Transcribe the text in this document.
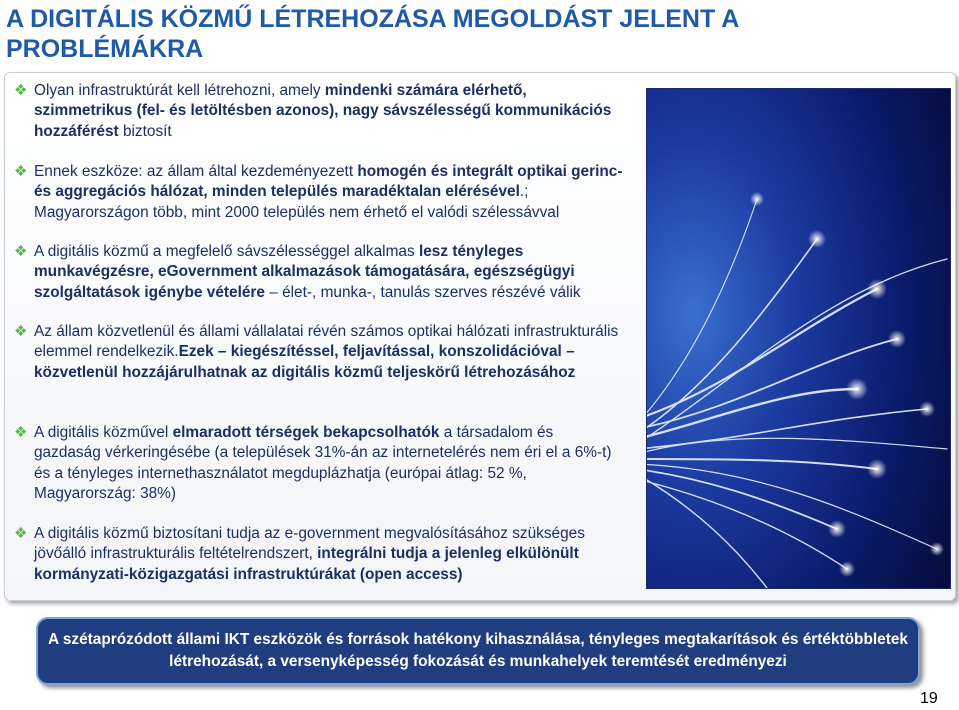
A DIGITÁLIS KÖZMŰ LÉTREHOZÁSA MEGOLDÁST JELENT A PROBLÉMÁKRA
❖ Olyan infrastruktúrát kell létrehozni, amely mindenki számára elérhető, szimmetrikus (fel- és letöltésben azonos), nagy sávszélességű kommunikációs hozzáférést biztosít
❖ Ennek eszköze: az állam által kezdeményezett homogén és integrált optikai gerinc- és aggregációs hálózat, minden település maradéktalan elérésével.; Magyarországon több, mint 2000 település nem érhető el valódi szélessávval
❖ A digitális közmű a megfelelő sávszélességgel alkalmas lesz tényleges munkavégzésre, eGovernment alkalmazások támogatására, egészségügyi szolgáltatások igénybe vételére – élet-, munka-, tanulás szerves részévé válik
❖ Az állam közvetlenül és állami vállalatai révén számos optikai hálózati infrastrukturális elemmel rendelkezik.Ezek – kiegészítéssel, feljavítással, konszolidációval – közvetlenül hozzájárulhatnak az digitális közmű teljeskörű létrehozásához
❖ A digitális közművel elmaradott térségek bekapcsolhatók a társadalom és gazdaság vérkeringésébe (a települések 31%-án az internetelérés nem éri el a 6%-t) és a tényleges internethasználatot megduplázhatja (európai átlag: 52 %, Magyarország: 38%)
❖ A digitális közmű biztosítani tudja az e-government megvalósításához szükséges jövőálló infrastrukturális feltételrendszert, integrálni tudja a jelenleg elkülönült kormányzati-közigazgatási infrastruktúrákat (open access)
A szétaprózódott állami IKT eszközök és források hatékony kihasználása, tényleges megtakarítások és értéktöbbletek létrehozását, a versenyképesség fokozását és munkahelyek teremtését eredményezi
19
